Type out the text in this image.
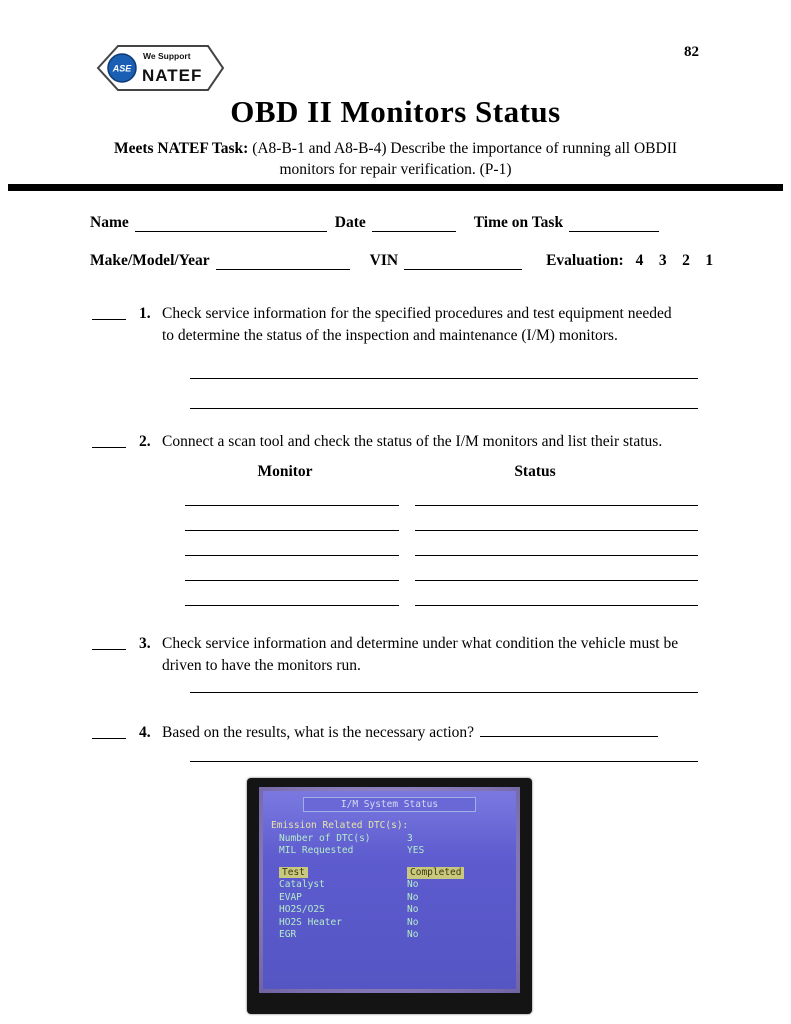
ASE
We Support
NATEF
82
OBD II Monitors Status
Meets NATEF Task: (A8-B-1 and A8-B-4) Describe the importance of running all OBDII monitors for repair verification. (P-1)
Name	Date	Time on Task
Make/Model/Year	VIN	Evaluation: 4    3    2    1
1. Check service information for the specified procedures and test equipment needed to determine the status of the inspection and maintenance (I/M) monitors.
2. Connect a scan tool and check the status of the I/M monitors and list their status.
Monitor	Status
3. Check service information and determine under what condition the vehicle must be driven to have the monitors run.
4. Based on the results, what is the necessary action?
I/M System Status
Emission Related DTC(s):
Number of DTC(s)	3
MIL Requested	YES
Test	Completed
Catalyst	No
EVAP	No
HO2S/O2S	No
HO2S Heater	No
EGR	No
